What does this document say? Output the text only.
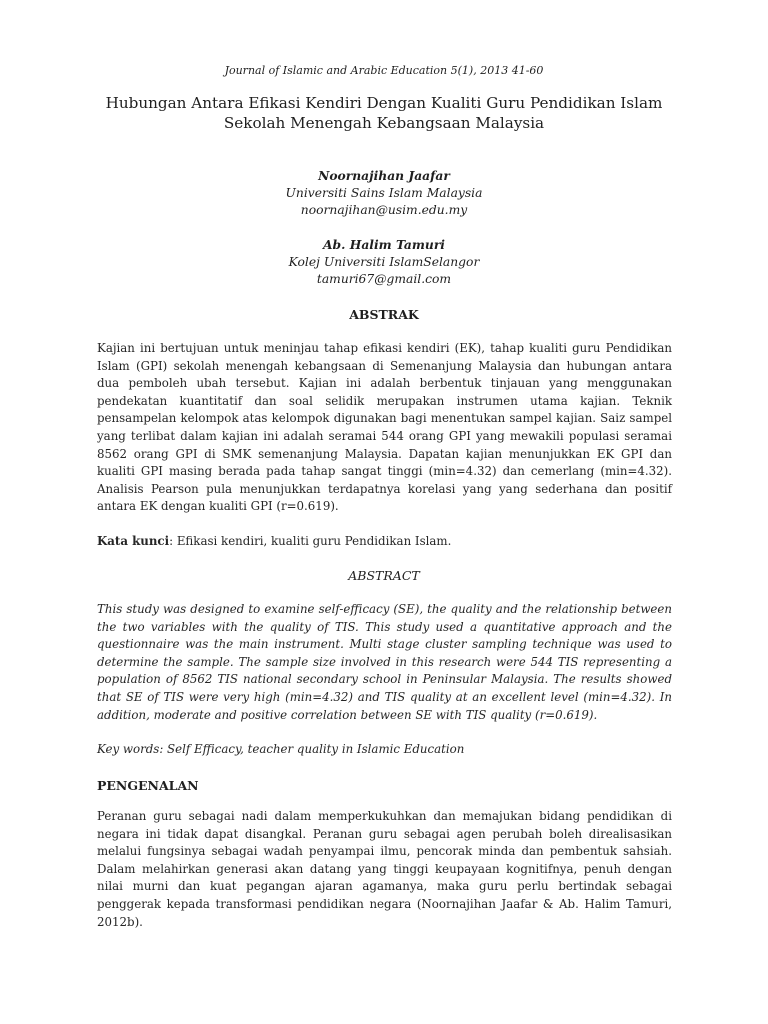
Journal of Islamic and Arabic Education 5(1), 2013 41-60
Hubungan Antara Efikasi Kendiri Dengan Kualiti Guru Pendidikan Islam
Sekolah Menengah Kebangsaan Malaysia
Noornajihan Jaafar
Universiti Sains Islam Malaysia
noornajihan@usim.edu.my
Ab. Halim Tamuri
Kolej Universiti IslamSelangor
tamuri67@gmail.com
ABSTRAK

Kajian ini bertujuan untuk meninjau tahap efikasi kendiri (EK), tahap kualiti guru Pendidikan Islam (GPI) sekolah menengah kebangsaan di Semenanjung Malaysia dan hubungan antara dua pemboleh ubah tersebut. Kajian ini adalah berbentuk tinjauan yang menggunakan pendekatan kuantitatif dan soal selidik merupakan instrumen utama kajian. Teknik pensampelan kelompok atas kelompok digunakan bagi menentukan sampel kajian. Saiz sampel yang terlibat dalam kajian ini adalah seramai 544 orang GPI yang mewakili populasi seramai 8562 orang GPI di SMK semenanjung Malaysia. Dapatan kajian menunjukkan EK GPI dan kualiti GPI masing berada pada tahap sangat tinggi (min=4.32) dan cemerlang (min=4.32). Analisis Pearson pula menunjukkan terdapatnya korelasi yang yang sederhana dan positif antara EK dengan kualiti GPI (r=0.619).

Kata kunci: Efikasi kendiri, kualiti guru Pendidikan Islam.

ABSTRACT

This study was designed to examine self-efficacy (SE), the quality and the relationship between the two variables with the quality of TIS. This study used a quantitative approach and the questionnaire was the main instrument. Multi stage cluster sampling technique was used to determine the sample. The sample size involved in this research were 544 TIS representing a population of 8562 TIS national secondary school in Peninsular Malaysia. The results showed that SE of TIS were very high (min=4.32) and TIS quality at an excellent level (min=4.32). In addition, moderate and positive correlation between SE with TIS quality (r=0.619).

Key words: Self Efficacy, teacher quality in Islamic Education

PENGENALAN

Peranan guru sebagai nadi dalam memperkukuhkan dan memajukan bidang pendidikan di negara ini tidak dapat disangkal. Peranan guru sebagai agen perubah boleh direalisasikan melalui fungsinya sebagai wadah penyampai ilmu, pencorak minda dan pembentuk sahsiah. Dalam melahirkan generasi akan datang yang tinggi keupayaan kognitifnya, penuh dengan nilai murni dan kuat pegangan ajaran agamanya, maka guru perlu bertindak sebagai penggerak kepada transformasi pendidikan negara (Noornajihan Jaafar & Ab. Halim Tamuri, 2012b).
